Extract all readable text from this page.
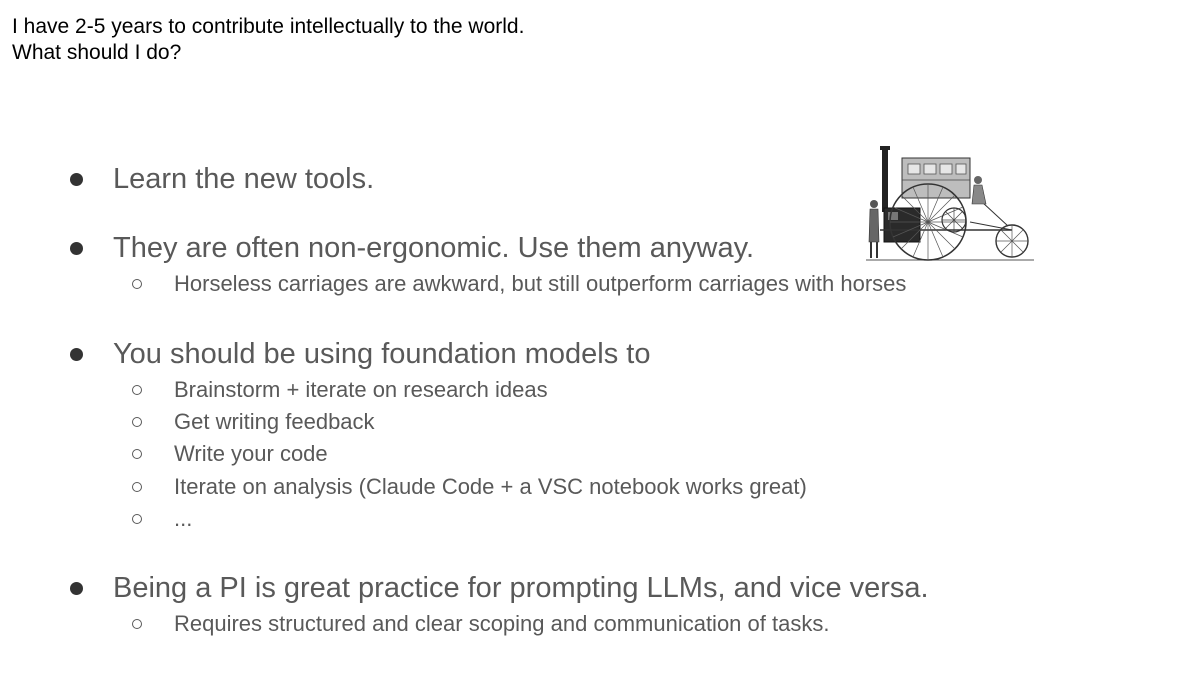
I have 2-5 years to contribute intellectually to the world.
What should I do?
Learn the new tools.
They are often non-ergonomic. Use them anyway.
Horseless carriages are awkward, but still outperform carriages with horses
You should be using foundation models to
Brainstorm + iterate on research ideas
Get writing feedback
Write your code
Iterate on analysis (Claude Code + a VSC notebook works great)
...
Being a PI is great practice for prompting LLMs, and vice versa.
Requires structured and clear scoping and communication of tasks.
